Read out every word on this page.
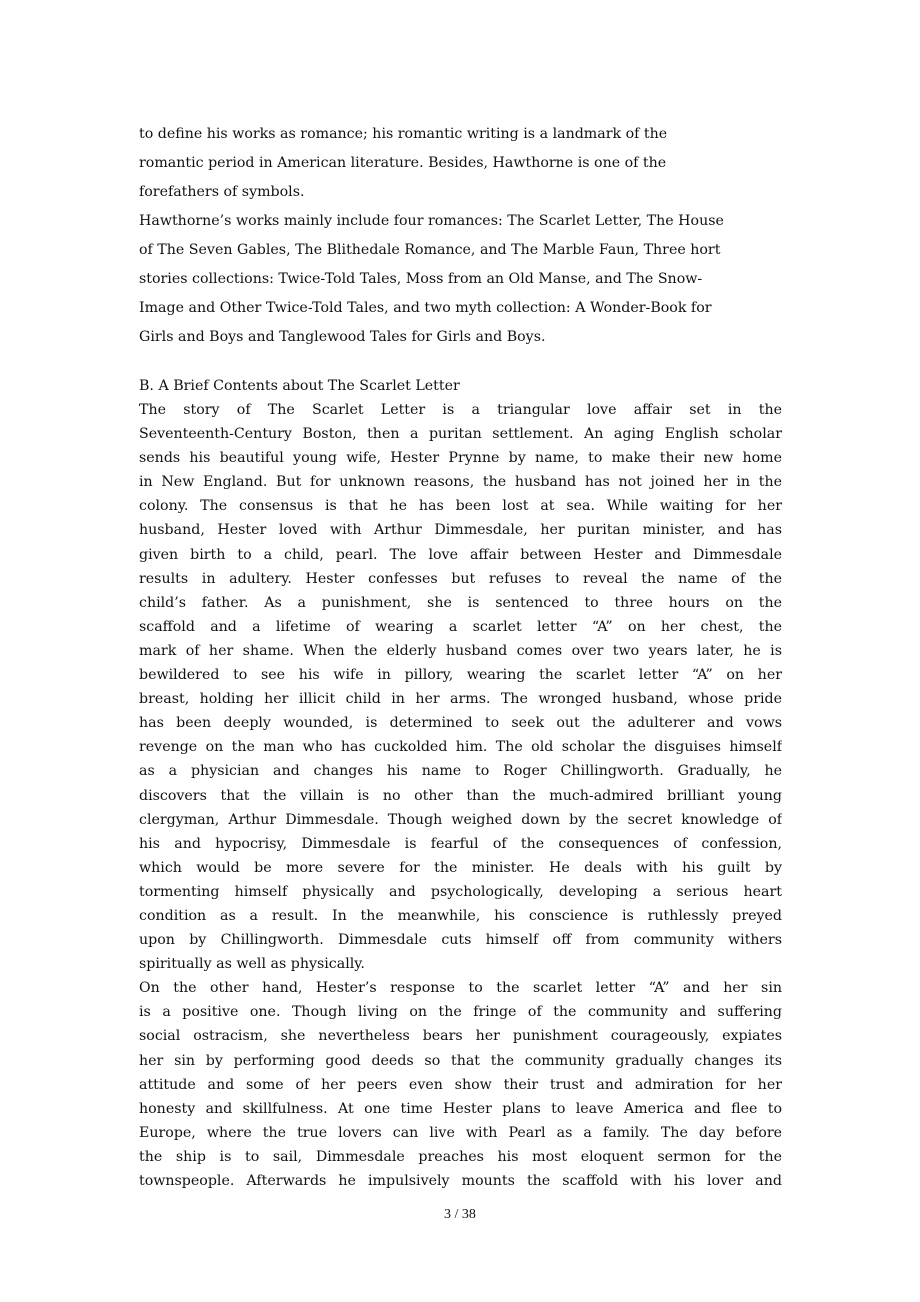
to define his works as romance; his romantic writing is a landmark of the
romantic period in American literature. Besides, Hawthorne is one of the
forefathers of symbols.
Hawthorne’s works mainly include four romances: The Scarlet Letter, The House
of The Seven Gables, The Blithedale Romance, and The Marble Faun, Three hort
stories collections: Twice-Told Tales, Moss from an Old Manse, and The Snow-
Image and Other Twice-Told Tales, and two myth collection: A Wonder-Book for
Girls and Boys and Tanglewood Tales for Girls and Boys.
B. A Brief Contents about The Scarlet Letter
The story of The Scarlet Letter is a triangular love affair set in the
Seventeenth-Century Boston, then a puritan settlement. An aging English scholar
sends his beautiful young wife, Hester Prynne by name, to make their new home
in New England. But for unknown reasons, the husband has not joined her in the
colony. The consensus is that he has been lost at sea. While waiting for her
husband, Hester loved with Arthur Dimmesdale, her puritan minister, and has
given birth to a child, pearl. The love affair between Hester and Dimmesdale
results in adultery. Hester confesses but refuses to reveal the name of the
child’s father. As a punishment, she is sentenced to three hours on the
scaffold and a lifetime of wearing a scarlet letter “A” on her chest, the
mark of her shame. When the elderly husband comes over two years later, he is
bewildered to see his wife in pillory, wearing the scarlet letter “A” on her
breast, holding her illicit child in her arms. The wronged husband, whose pride
has been deeply wounded, is determined to seek out the adulterer and vows
revenge on the man who has cuckolded him. The old scholar the disguises himself
as a physician and changes his name to Roger Chillingworth. Gradually, he
discovers that the villain is no other than the much-admired brilliant young
clergyman, Arthur Dimmesdale. Though weighed down by the secret knowledge of
his and hypocrisy, Dimmesdale is fearful of the consequences of confession,
which would be more severe for the minister. He deals with his guilt by
tormenting himself physically and psychologically, developing a serious heart
condition as a result. In the meanwhile, his conscience is ruthlessly preyed
upon by Chillingworth. Dimmesdale cuts himself off from community withers
spiritually as well as physically.
On the other hand, Hester’s response to the scarlet letter “A” and her sin
is a positive one. Though living on the fringe of the community and suffering
social ostracism, she nevertheless bears her punishment courageously, expiates
her sin by performing good deeds so that the community gradually changes its
attitude and some of her peers even show their trust and admiration for her
honesty and skillfulness. At one time Hester plans to leave America and flee to
Europe, where the true lovers can live with Pearl as a family. The day before
the ship is to sail, Dimmesdale preaches his most eloquent sermon for the
townspeople. Afterwards he impulsively mounts the scaffold with his lover and
3 / 38
